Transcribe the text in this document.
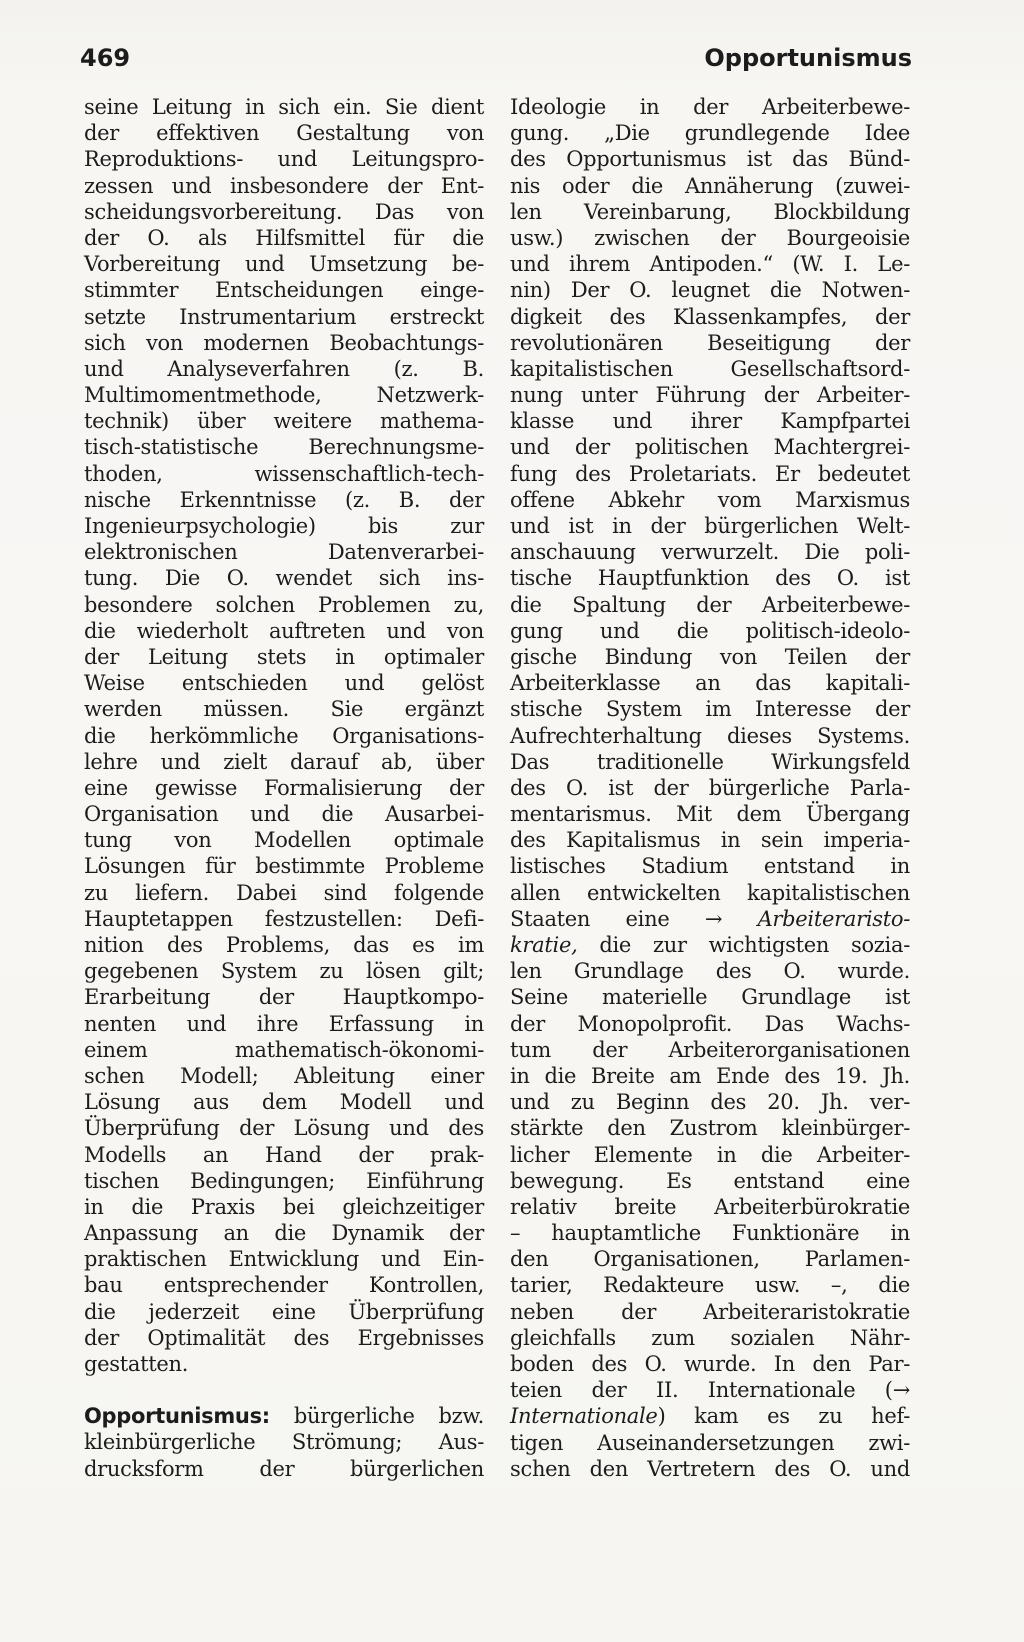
469	Opportunismus
seine Leitung in sich ein. Sie dient
der effektiven Gestaltung von
Reproduktions- und Leitungspro-
zessen und insbesondere der Ent-
scheidungsvorbereitung. Das von
der O. als Hilfsmittel für die
Vorbereitung und Umsetzung be-
stimmter Entscheidungen einge-
setzte Instrumentarium erstreckt
sich von modernen Beobachtungs-
und Analyseverfahren (z. B.
Multimomentmethode, Netzwerk-
technik) über weitere mathema-
tisch-statistische Berechnungsme-
thoden, wissenschaftlich-tech-
nische Erkenntnisse (z. B. der
Ingenieurpsychologie) bis zur
elektronischen Datenverarbei-
tung. Die O. wendet sich ins-
besondere solchen Problemen zu,
die wiederholt auftreten und von
der Leitung stets in optimaler
Weise entschieden und gelöst
werden müssen. Sie ergänzt
die herkömmliche Organisations-
lehre und zielt darauf ab, über
eine gewisse Formalisierung der
Organisation und die Ausarbei-
tung von Modellen optimale
Lösungen für bestimmte Probleme
zu liefern. Dabei sind folgende
Hauptetappen festzustellen: Defi-
nition des Problems, das es im
gegebenen System zu lösen gilt;
Erarbeitung der Hauptkompo-
nenten und ihre Erfassung in
einem mathematisch-ökonomi-
schen Modell; Ableitung einer
Lösung aus dem Modell und
Überprüfung der Lösung und des
Modells an Hand der prak-
tischen Bedingungen; Einführung
in die Praxis bei gleichzeitiger
Anpassung an die Dynamik der
praktischen Entwicklung und Ein-
bau entsprechender Kontrollen,
die jederzeit eine Überprüfung
der Optimalität des Ergebnisses
gestatten.
Opportunismus: bürgerliche bzw.
kleinbürgerliche Strömung; Aus-
drucksform der bürgerlichen
Ideologie in der Arbeiterbewe-
gung. „Die grundlegende Idee
des Opportunismus ist das Bünd-
nis oder die Annäherung (zuwei-
len Vereinbarung, Blockbildung
usw.) zwischen der Bourgeoisie
und ihrem Antipoden.“ (W. I. Le-
nin) Der O. leugnet die Notwen-
digkeit des Klassenkampfes, der
revolutionären Beseitigung der
kapitalistischen Gesellschaftsord-
nung unter Führung der Arbeiter-
klasse und ihrer Kampfpartei
und der politischen Machtergrei-
fung des Proletariats. Er bedeutet
offene Abkehr vom Marxismus
und ist in der bürgerlichen Welt-
anschauung verwurzelt. Die poli-
tische Hauptfunktion des O. ist
die Spaltung der Arbeiterbewe-
gung und die politisch-ideolo-
gische Bindung von Teilen der
Arbeiterklasse an das kapitali-
stische System im Interesse der
Aufrechterhaltung dieses Systems.
Das traditionelle Wirkungsfeld
des O. ist der bürgerliche Parla-
mentarismus. Mit dem Übergang
des Kapitalismus in sein imperia-
listisches Stadium entstand in
allen entwickelten kapitalistischen
Staaten eine → Arbeiteraristo-
kratie, die zur wichtigsten sozia-
len Grundlage des O. wurde.
Seine materielle Grundlage ist
der Monopolprofit. Das Wachs-
tum der Arbeiterorganisationen
in die Breite am Ende des 19. Jh.
und zu Beginn des 20. Jh. ver-
stärkte den Zustrom kleinbürger-
licher Elemente in die Arbeiter-
bewegung. Es entstand eine
relativ breite Arbeiterbürokratie
– hauptamtliche Funktionäre in
den Organisationen, Parlamen-
tarier, Redakteure usw. –, die
neben der Arbeiteraristokratie
gleichfalls zum sozialen Nähr-
boden des O. wurde. In den Par-
teien der II. Internationale (→
Internationale) kam es zu hef-
tigen Auseinandersetzungen zwi-
schen den Vertretern des O. und
